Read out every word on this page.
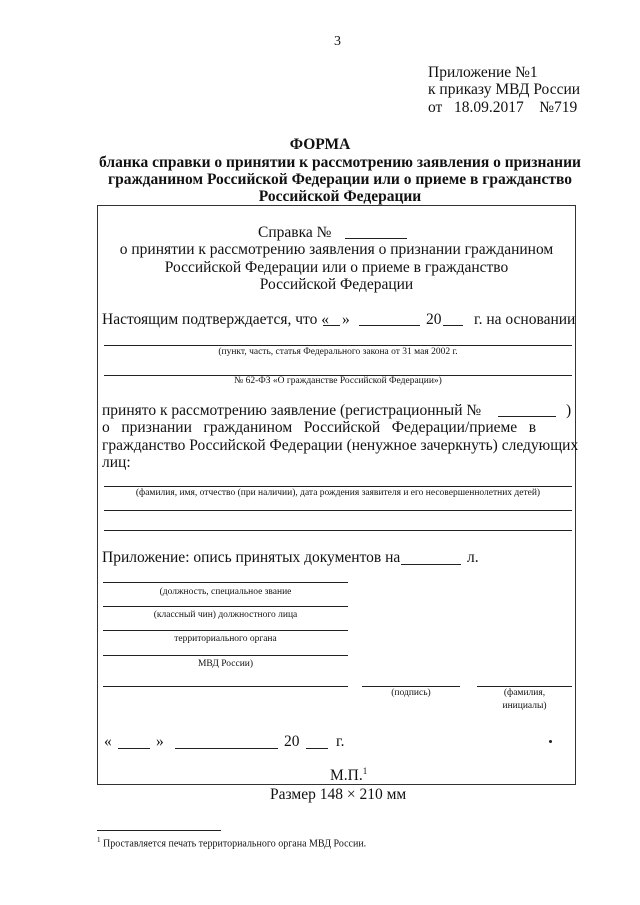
3
Приложение №1
к приказу МВД России
от   18.09.2017    №719
ФОРМА
бланка справки о принятии к рассмотрению заявления о признании
гражданином Российской Федерации или о приеме в гражданство
Российской Федерации
Справка №
о принятии к рассмотрению заявления о признании гражданином
Российской Федерации или о приеме в гражданство
Российской Федерации
Настоящим подтверждается, что « »	20 г. на основании
(пункт, часть, статья Федерального закона от 31 мая 2002 г.
№ 62-ФЗ «О гражданстве Российской Федерации»)
принято к рассмотрению заявление (регистрационный №	)
о   признании   гражданином   Российской   Федерации/приеме   в
гражданство Российской Федерации (ненужное зачеркнуть) следующих
лиц:
(фамилия, имя, отчество (при наличии), дата рождения заявителя и его несовершеннолетних детей)
Приложение: опись принятых документов на	л.
(должность, специальное звание
(классный чин) должностного лица
территориального органа
МВД России)
(подпись)	(фамилия,
инициалы)
«	»	20 г.
М.П.$^1$
Размер 148 × 210 мм
$^1$ Проставляется печать территориального органа МВД России.
